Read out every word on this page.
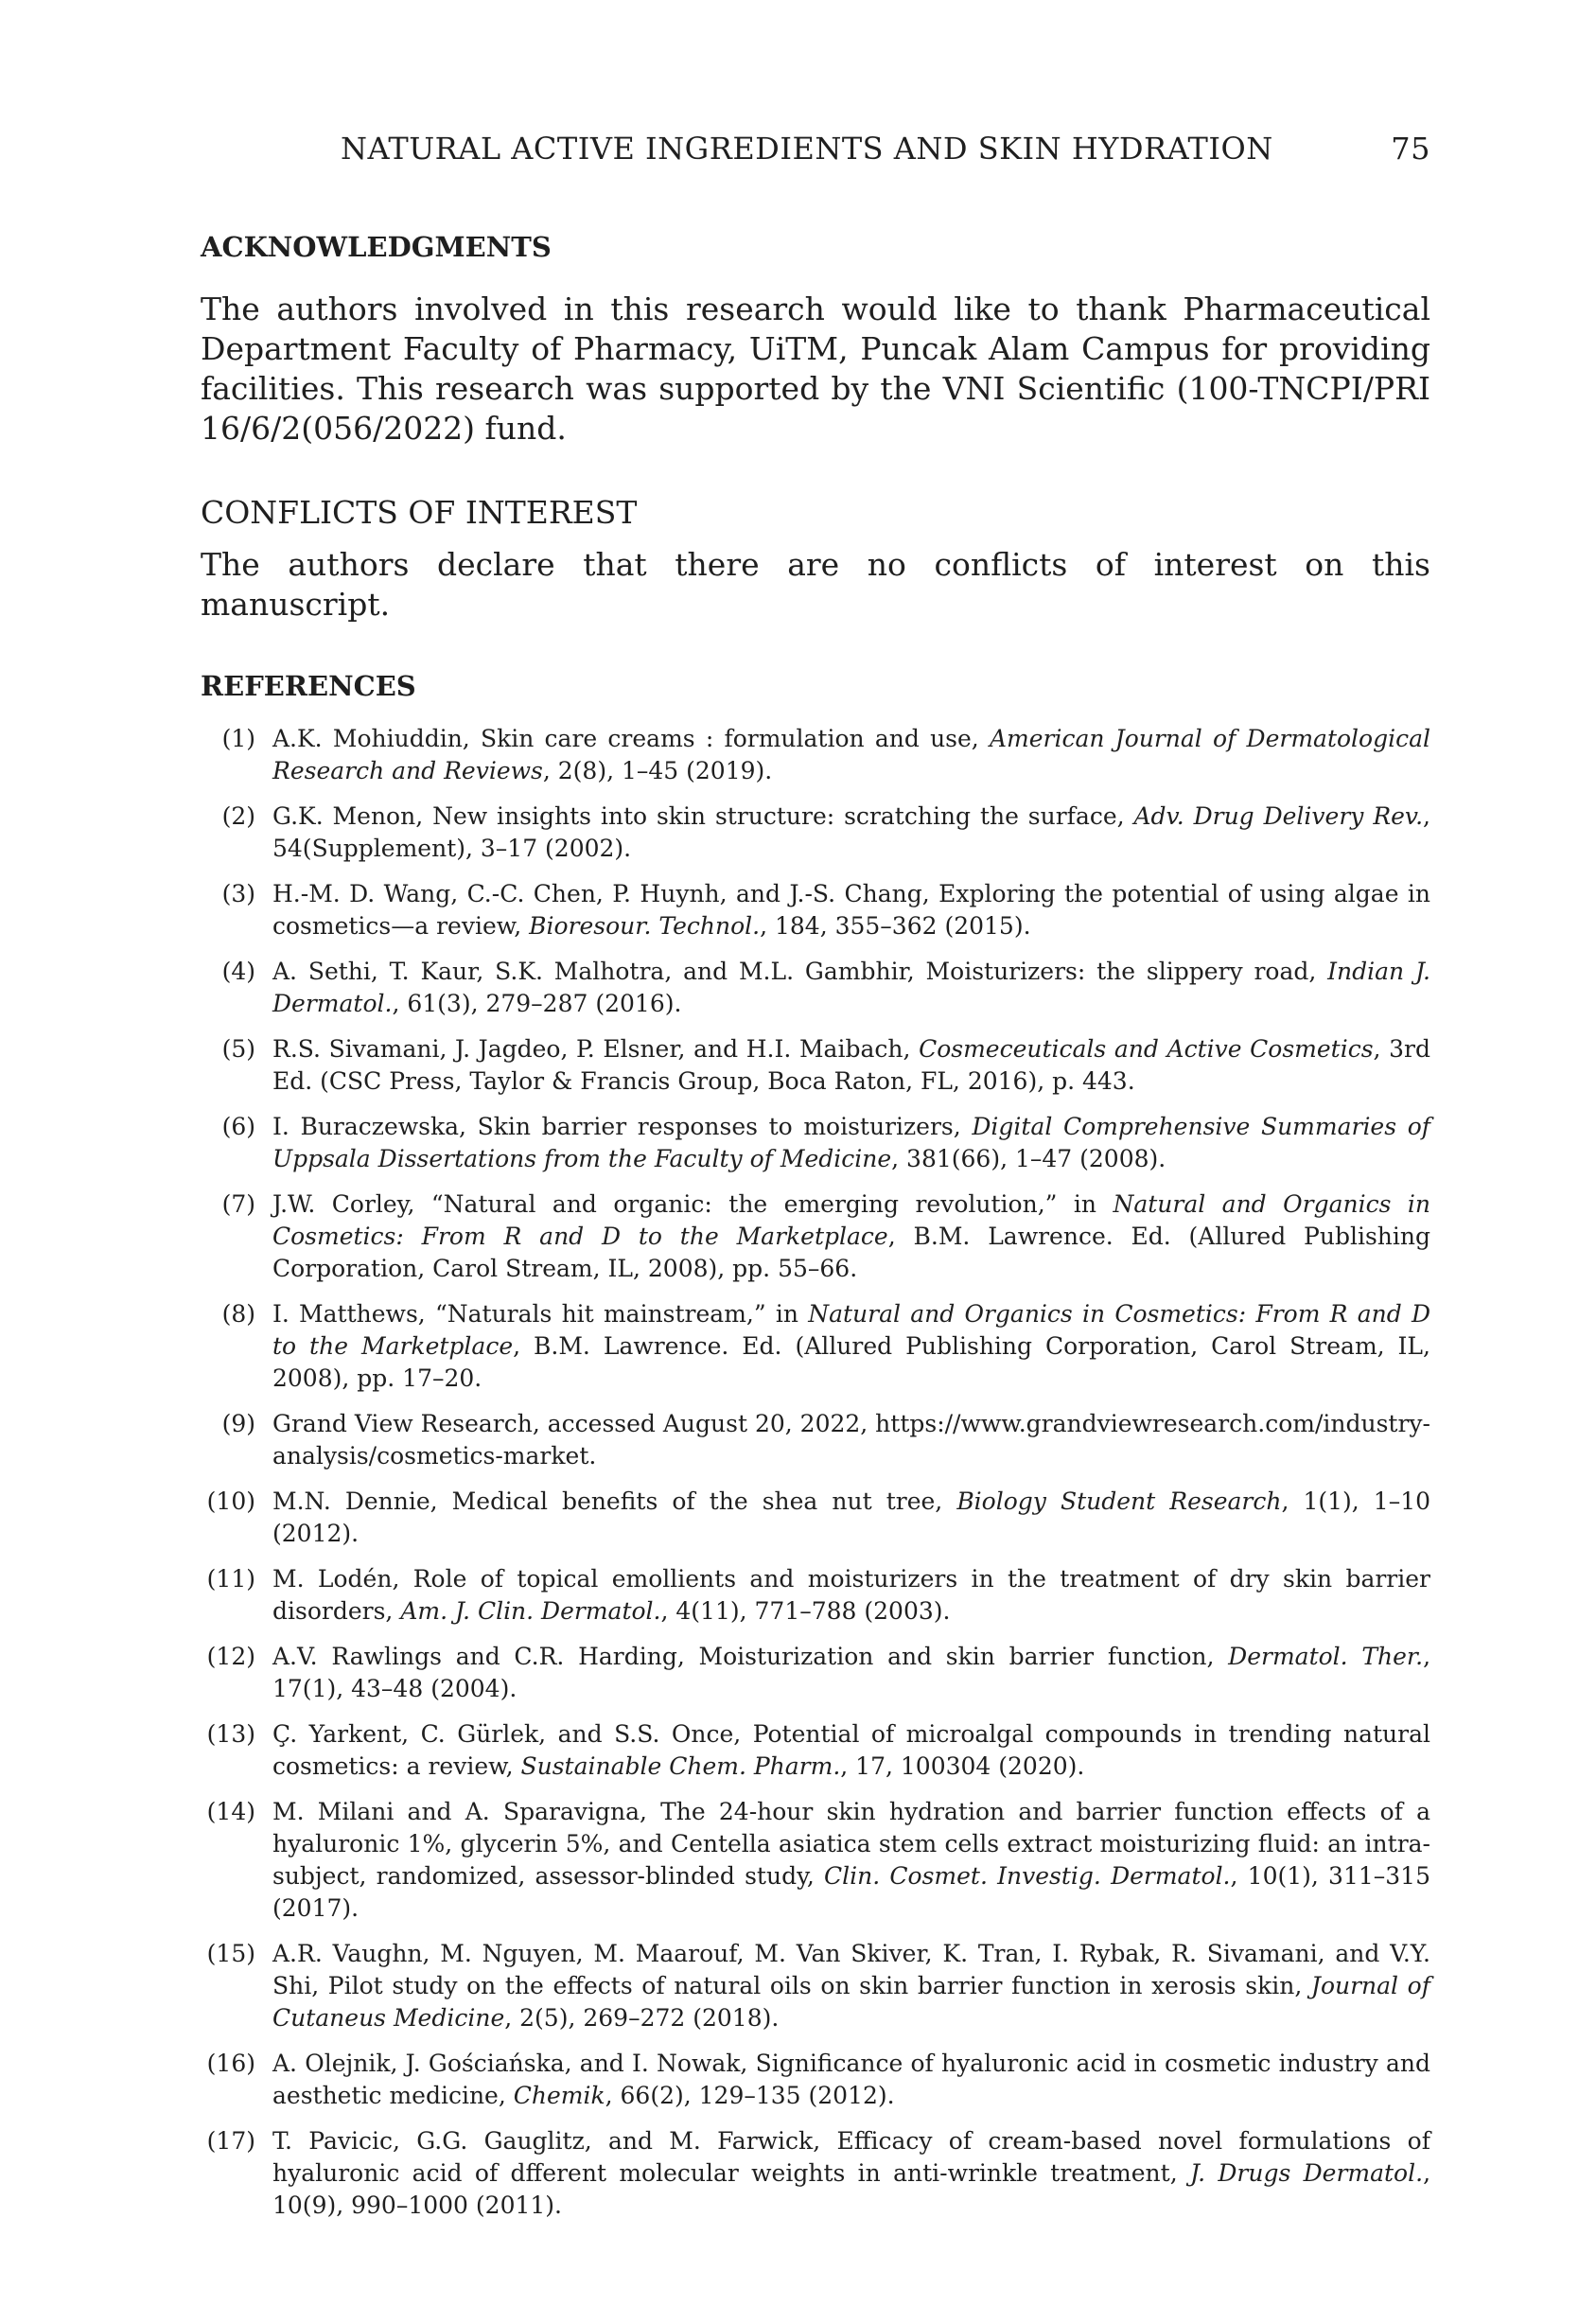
NATURAL ACTIVE INGREDIENTS AND SKIN HYDRATION	75
ACKNOWLEDGMENTS
The authors involved in this research would like to thank Pharmaceutical Department Faculty of Pharmacy, UiTM, Puncak Alam Campus for providing facilities. This research was supported by the VNI Scientific (100-TNCPI/PRI 16/6/2(056/2022) fund.
CONFLICTS OF INTEREST
The authors declare that there are no conflicts of interest on this manuscript.
REFERENCES
(1) A.K. Mohiuddin, Skin care creams : formulation and use, American Journal of Dermatological Research and Reviews, 2(8), 1–45 (2019).
(2) G.K. Menon, New insights into skin structure: scratching the surface, Adv. Drug Delivery Rev., 54(Supplement), 3–17 (2002).
(3) H.-M. D. Wang, C.-C. Chen, P. Huynh, and J.-S. Chang, Exploring the potential of using algae in cosmetics—a review, Bioresour. Technol., 184, 355–362 (2015).
(4) A. Sethi, T. Kaur, S.K. Malhotra, and M.L. Gambhir, Moisturizers: the slippery road, Indian J. Dermatol., 61(3), 279–287 (2016).
(5) R.S. Sivamani, J. Jagdeo, P. Elsner, and H.I. Maibach, Cosmeceuticals and Active Cosmetics, 3rd Ed. (CSC Press, Taylor & Francis Group, Boca Raton, FL, 2016), p. 443.
(6) I. Buraczewska, Skin barrier responses to moisturizers, Digital Comprehensive Summaries of Uppsala Dissertations from the Faculty of Medicine, 381(66), 1–47 (2008).
(7) J.W. Corley, “Natural and organic: the emerging revolution,” in Natural and Organics in Cosmetics: From R and D to the Marketplace, B.M. Lawrence. Ed. (Allured Publishing Corporation, Carol Stream, IL, 2008), pp. 55–66.
(8) I. Matthews, “Naturals hit mainstream,” in Natural and Organics in Cosmetics: From R and D to the Marketplace, B.M. Lawrence. Ed. (Allured Publishing Corporation, Carol Stream, IL, 2008), pp. 17–20.
(9) Grand View Research, accessed August 20, 2022, https://www.grandviewresearch.com/industry-analysis/cosmetics-market.
(10) M.N. Dennie, Medical benefits of the shea nut tree, Biology Student Research, 1(1), 1–10 (2012).
(11) M. Lodén, Role of topical emollients and moisturizers in the treatment of dry skin barrier disorders, Am. J. Clin. Dermatol., 4(11), 771–788 (2003).
(12) A.V. Rawlings and C.R. Harding, Moisturization and skin barrier function, Dermatol. Ther., 17(1), 43–48 (2004).
(13) Ç. Yarkent, C. Gürlek, and S.S. Once, Potential of microalgal compounds in trending natural cosmetics: a review, Sustainable Chem. Pharm., 17, 100304 (2020).
(14) M. Milani and A. Sparavigna, The 24-hour skin hydration and barrier function effects of a hyaluronic 1%, glycerin 5%, and Centella asiatica stem cells extract moisturizing fluid: an intra-subject, randomized, assessor-blinded study, Clin. Cosmet. Investig. Dermatol., 10(1), 311–315 (2017).
(15) A.R. Vaughn, M. Nguyen, M. Maarouf, M. Van Skiver, K. Tran, I. Rybak, R. Sivamani, and V.Y. Shi, Pilot study on the effects of natural oils on skin barrier function in xerosis skin, Journal of Cutaneus Medicine, 2(5), 269–272 (2018).
(16) A. Olejnik, J. Gościańska, and I. Nowak, Significance of hyaluronic acid in cosmetic industry and aesthetic medicine, Chemik, 66(2), 129–135 (2012).
(17) T. Pavicic, G.G. Gauglitz, and M. Farwick, Efficacy of cream-based novel formulations of hyaluronic acid of dfferent molecular weights in anti-wrinkle treatment, J. Drugs Dermatol., 10(9), 990–1000 (2011).
